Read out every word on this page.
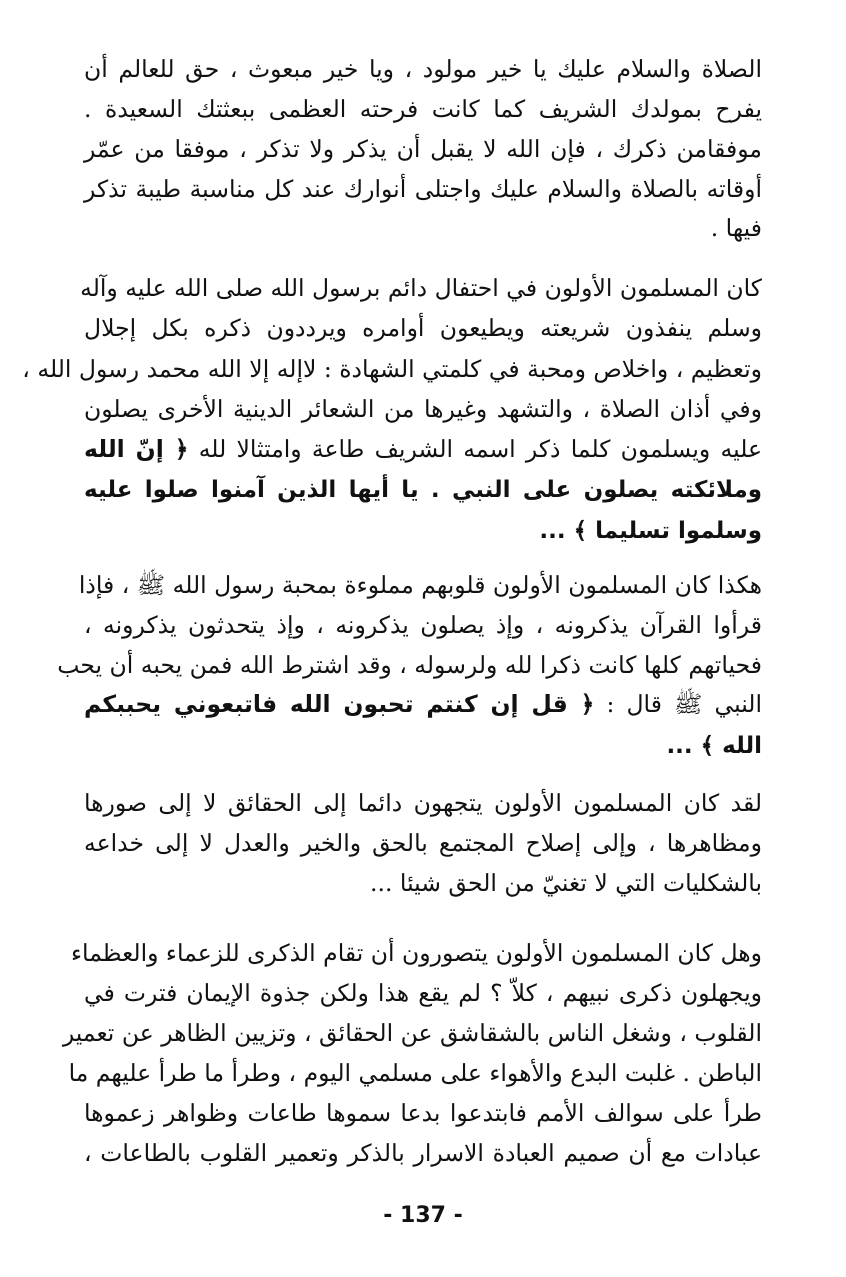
الصلاة والسلام عليك يا خير مولود ، ويا خير مبعوث ، حق للعالم أن
يفرح بمولدك الشريف كما كانت فرحته العظمى ببعثتك السعيدة .
موفقامن ذكرك ، فإن الله لا يقبل أن يذكر ولا تذكر ، موفقا من عمّر
أوقاته بالصلاة والسلام عليك واجتلى أنوارك عند كل مناسبة طيبة تذكر
فيها .
كان المسلمون الأولون في احتفال دائم برسول الله صلى الله عليه وآله
وسلم ينفذون شريعته ويطيعون أوامره ويرددون ذكره بكل إجلال
وتعظيم ، واخلاص ومحبة في كلمتي الشهادة : لاإله إلا الله محمد رسول الله ،
وفي أذان الصلاة ، والتشهد وغيرها من الشعائر الدينية الأخرى يصلون
عليه ويسلمون كلما ذكر اسمه الشريف طاعة وامتثالا لله ﴿ إنّ الله
وملائكته يصلون على النبي . يا أيها الذين آمنوا صلوا عليه
وسلموا تسليما ﴾ ...
هكذا كان المسلمون الأولون قلوبهم مملوءة بمحبة رسول الله ﷺ ، فإذا
قرأوا القرآن يذكرونه ، وإذ يصلون يذكرونه ، وإذ يتحدثون يذكرونه ،
فحياتهم كلها كانت ذكرا لله ولرسوله ، وقد اشترط الله فمن يحبه أن يحب
النبي ﷺ قال : ﴿ قل إن كنتم تحبون الله فاتبعوني يحببكم
الله ﴾ ...
لقد كان المسلمون الأولون يتجهون دائما إلى الحقائق لا إلى صورها
ومظاهرها ، وإلى إصلاح المجتمع بالحق والخير والعدل لا إلى خداعه
بالشكليات التي لا تغنيّ من الحق شيئا ...
وهل كان المسلمون الأولون يتصورون أن تقام الذكرى للزعماء والعظماء
ويجهلون ذكرى نبيهم ، كلاّ ؟ لم يقع هذا ولكن جذوة الإيمان فترت في
القلوب ، وشغل الناس بالشقاشق عن الحقائق ، وتزيين الظاهر عن تعمير
الباطن . غلبت البدع والأهواء على مسلمي اليوم ، وطرأ ما طرأ عليهم ما
طرأ على سوالف الأمم فابتدعوا بدعا سموها طاعات وظواهر زعموها
عبادات مع أن صميم العبادة الاسرار بالذكر وتعمير القلوب بالطاعات ،
- 137 -
